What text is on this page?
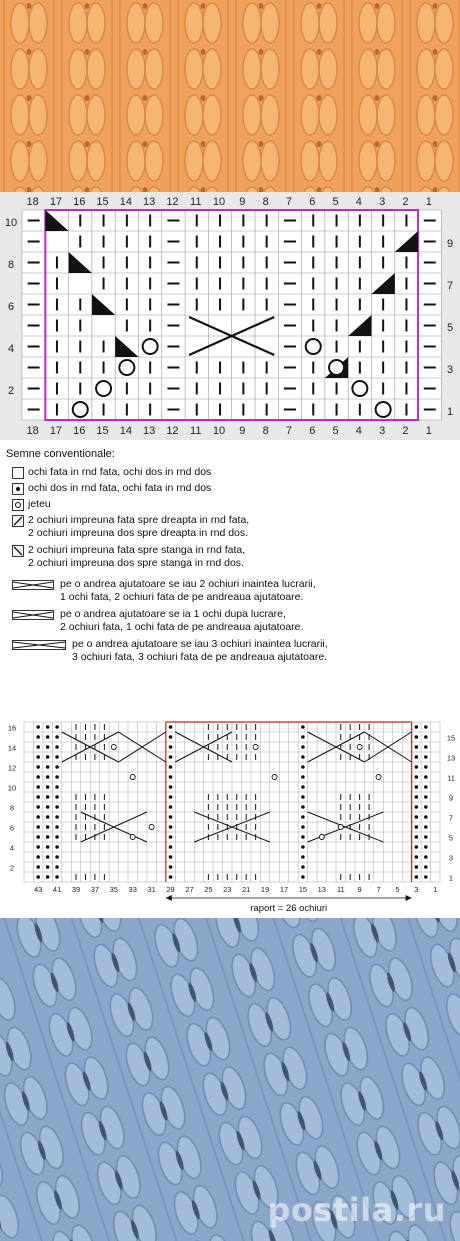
18
18
17
17
16
16
15
15
14
14
13
13
12
12
11
11
10
10
9
9
8
8
7
7
6
6
5
5
4
4
3
3
2
2
1
1
10
8
6
4
2
9
7
5
3
1
Semne conventionale:
ochi fata in rnd fata, ochi dos in rnd dos
ochi dos in rnd fata, ochi fata in rnd dos
jeteu
2 ochiuri impreuna fata spre dreapta in rnd fata,
2 ochiuri impreuna dos spre dreapta in rnd dos.
2 ochiuri impreuna fata spre stanga in rnd fata,
2 ochiuri impreuna dos spre stanga in rnd dos.
pe o andrea ajutatoare se iau 2 ochiuri inaintea lucrarii,
1 ochi fata, 2 ochiuri fata de pe andreaua ajutatoare.
pe o andrea ajutatoare se ia 1 ochi dupa lucrare,
2 ochiuri fata, 1 ochi fata de pe andreaua ajutatoare.
pe o andrea ajutatoare se iau 3 ochiuri inaintea lucrarii,
3 ochiuri fata, 3 ochiuri fata de pe andreaua ajutatoare.
16
14
12
10
8
6
4
2
15
13
11
9
7
5
3
1
43 41 39 37 35 33 31 29 27 25 23 21 19 17 15 13 11 9 7 5 3 1
raport = 26 ochiuri
postila.ru
